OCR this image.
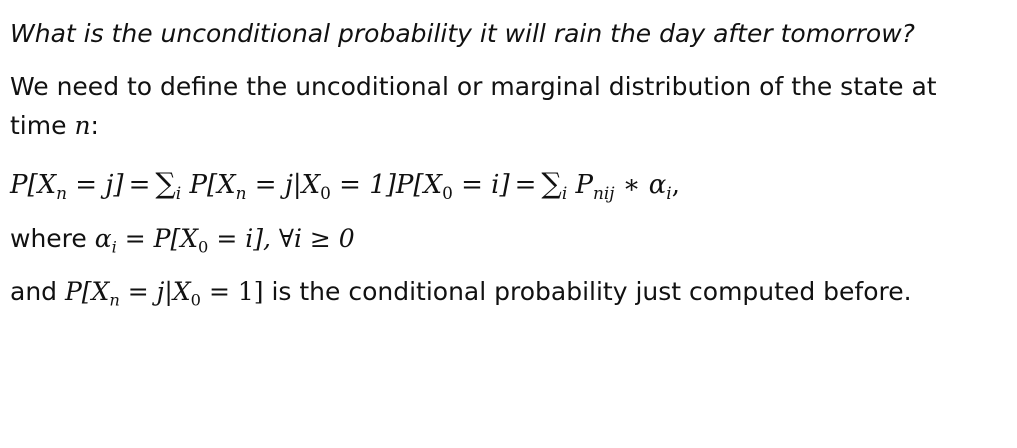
What is the unconditional probability it will rain the day after tomorrow?

We need to define the uncoditional or marginal distribution of the state at time n:

$P[X_n = j] = \sum_i$ $P[X_n = j|X_0 = 1]P[X_0 = i] = \sum_i$ $P_{nij}$ ∗ $\alpha_i$,

where $\alpha_i = P[X_0 = i]$, ∀i ≥ 0

and $P[X_n = j|X_0 = 1]$ is the conditional probability just computed before.
